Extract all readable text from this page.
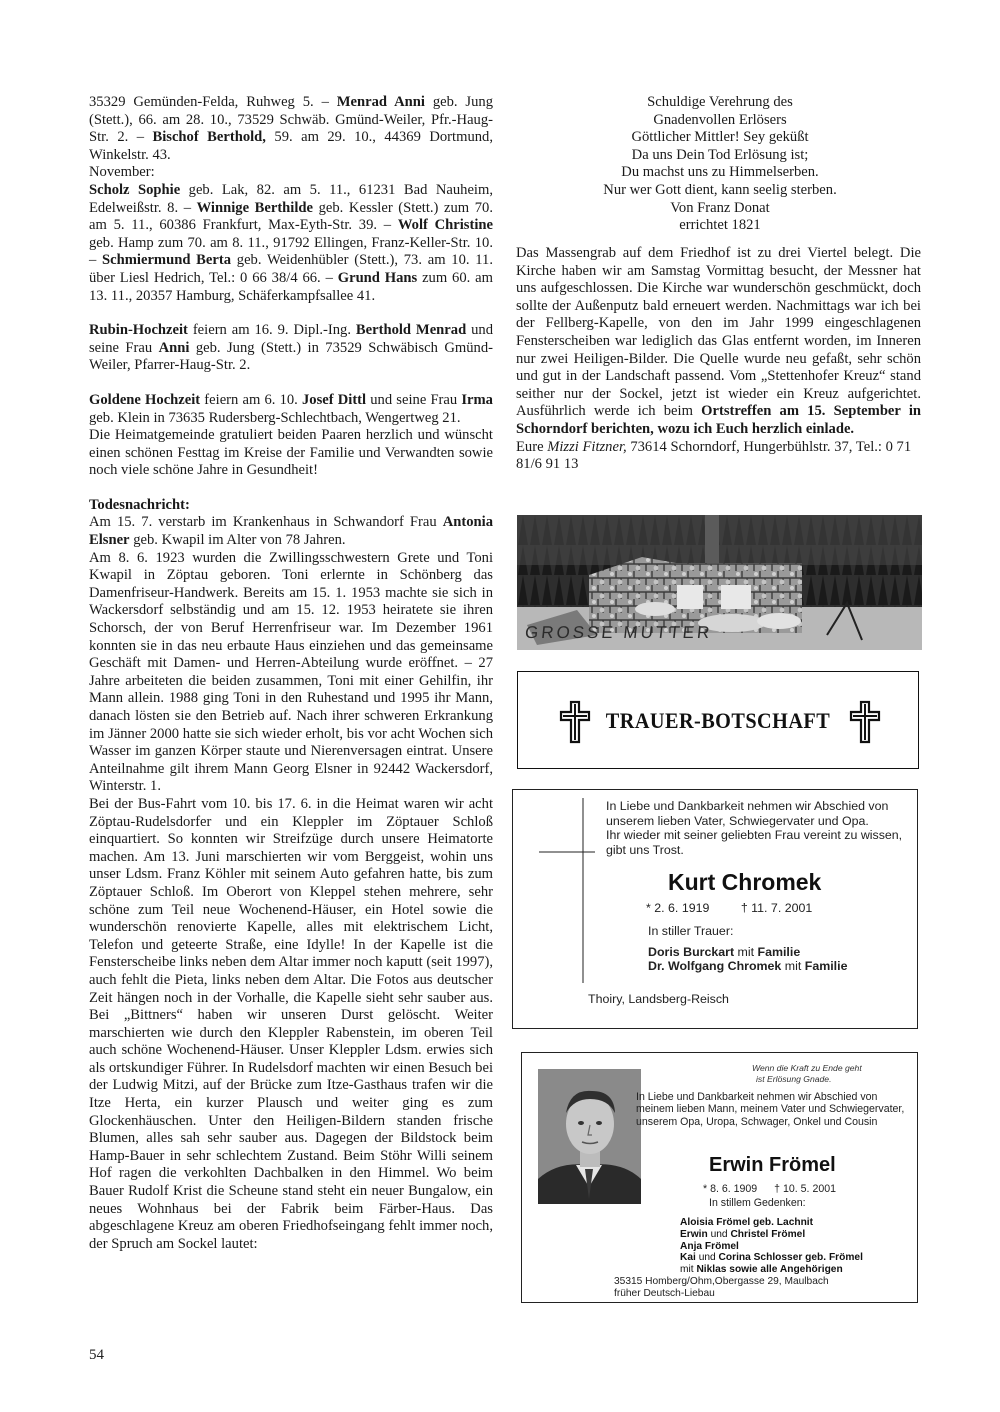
35329 Gemünden-Felda, Ruhweg 5. – Menrad Anni geb. Jung (Stett.), 66. am 28. 10., 73529 Schwäb. Gmünd-Weiler, Pfr.-Haug-Str. 2. – Bischof Berthold, 59. am 29. 10., 44369 Dortmund, Winkelstr. 43.

November:

Scholz Sophie geb. Lak, 82. am 5. 11., 61231 Bad Nauheim, Edelweißstr. 8. – Winnige Berthilde geb. Kessler (Stett.) zum 70. am 5. 11., 60386 Frankfurt, Max-Eyth-Str. 39. – Wolf Christine geb. Hamp zum 70. am 8. 11., 91792 Ellingen, Franz-Keller-Str. 10. – Schmiermund Berta geb. Weidenhübler (Stett.), 73. am 10. 11. über Liesl Hedrich, Tel.: 0 66 38/4 66. – Grund Hans zum 60. am 13. 11., 20357 Hamburg, Schäferkampfsallee 41.

Rubin-Hochzeit feiern am 16. 9. Dipl.-Ing. Berthold Menrad und seine Frau Anni geb. Jung (Stett.) in 73529 Schwäbisch Gmünd-Weiler, Pfarrer-Haug-Str. 2.

Goldene Hochzeit feiern am 6. 10. Josef Dittl und seine Frau Irma geb. Klein in 73635 Rudersberg-Schlechtbach, Wengertweg 21.

Die Heimatgemeinde gratuliert beiden Paaren herzlich und wünscht einen schönen Festtag im Kreise der Familie und Verwandten sowie noch viele schöne Jahre in Gesundheit!

Todesnachricht:

Am 15. 7. verstarb im Krankenhaus in Schwandorf Frau Antonia Elsner geb. Kwapil im Alter von 78 Jahren.

Am 8. 6. 1923 wurden die Zwillingsschwestern Grete und Toni Kwapil in Zöptau geboren. Toni erlernte in Schönberg das Damenfriseur-Handwerk. Bereits am 15. 1. 1953 machte sie sich in Wackersdorf selbständig und am 15. 12. 1953 heiratete sie ihren Schorsch, der von Beruf Herrenfriseur war. Im Dezember 1961 konnten sie in das neu erbaute Haus einziehen und das gemeinsame Geschäft mit Damen- und Herren-Abteilung wurde eröffnet. – 27 Jahre arbeiteten die beiden zusammen, Toni mit einer Gehilfin, ihr Mann allein. 1988 ging Toni in den Ruhestand und 1995 ihr Mann, danach lösten sie den Betrieb auf. Nach ihrer schweren Erkrankung im Jänner 2000 hatte sie sich wieder erholt, bis vor acht Wochen sich Wasser im ganzen Körper staute und Nierenversagen eintrat. Unsere Anteilnahme gilt ihrem Mann Georg Elsner in 92442 Wackersdorf, Winterstr. 1.

Bei der Bus-Fahrt vom 10. bis 17. 6. in die Heimat waren wir acht Zöptau-Rudelsdorfer und ein Kleppler im Zöptauer Schloß einquartiert. So konnten wir Streifzüge durch unsere Heimatorte machen. Am 13. Juni marschierten wir vom Berggeist, wohin uns unser Ldsm. Franz Köhler mit seinem Auto gefahren hatte, bis zum Zöptauer Schloß. Im Oberort von Kleppel stehen mehrere, sehr schöne zum Teil neue Wochenend-Häuser, ein Hotel sowie die wunderschön renovierte Kapelle, alles mit elektrischem Licht, Telefon und geteerte Straße, eine Idylle! In der Kapelle ist die Fensterscheibe links neben dem Altar immer noch kaputt (seit 1997), auch fehlt die Pieta, links neben dem Altar. Die Fotos aus deutscher Zeit hängen noch in der Vorhalle, die Kapelle sieht sehr sauber aus. Bei „Bittners“ haben wir unseren Durst gelöscht. Weiter marschierten wie durch den Kleppler Rabenstein, im oberen Teil auch schöne Wochenend-Häuser. Unser Kleppler Ldsm. erwies sich als ortskundiger Führer. In Rudelsdorf machten wir einen Besuch bei der Ludwig Mitzi, auf der Brücke zum Itze-Gasthaus trafen wir die Itze Herta, ein kurzer Plausch und weiter ging es zum Glockenhäuschen. Unter den Heiligen-Bildern standen frische Blumen, alles sah sehr sauber aus. Dagegen der Bildstock beim Hamp-Bauer in sehr schlechtem Zustand. Beim Stöhr Willi seinem Hof ragen die verkohlten Dachbalken in den Himmel. Wo beim Bauer Rudolf Krist die Scheune stand steht ein neuer Bungalow, ein neues Wohnhaus bei der Fabrik beim Färber-Haus. Das abgeschlagene Kreuz am oberen Friedhofseingang fehlt immer noch, der Spruch am Sockel lautet:

Schuldige Verehrung des
Gnadenvollen Erlösers
Göttlicher Mittler! Sey geküßt
Da uns Dein Tod Erlösung ist;
Du machst uns zu Himmelserben.
Nur wer Gott dient, kann seelig sterben.
Von Franz Donat
errichtet 1821

Das Massengrab auf dem Friedhof ist zu drei Viertel belegt. Die Kirche haben wir am Samstag Vormittag besucht, der Messner hat uns aufgeschlossen. Die Kirche war wunderschön geschmückt, doch sollte der Außenputz bald erneuert werden. Nachmittags war ich bei der Fellberg-Kapelle, von den im Jahr 1999 eingeschlagenen Fensterscheiben war lediglich das Glas entfernt worden, im Inneren nur zwei Heiligen-Bilder. Die Quelle wurde neu gefaßt, sehr schön und gut in der Landschaft passend. Vom „Stettenhofer Kreuz“ stand seither nur der Sockel, jetzt ist wieder ein Kreuz aufgerichtet. Ausführlich werde ich beim Ortstreffen am 15. September in Schorndorf berichten, wozu ich Euch herzlich einlade.

Eure Mizzi Fitzner, 73614 Schorndorf, Hungerbühlstr. 37, Tel.: 0 71 81/6 91 13

GROSSE MUTTER
TRAUER-BOTSCHAFT
In Liebe und Dankbarkeit nehmen wir Abschied von unserem lieben Vater, Schwiegervater und Opa.
Ihr wieder mit seiner geliebten Frau vereint zu wissen, gibt uns Trost.
Kurt Chromek
* 2. 6. 1919	† 11. 7. 2001
In stiller Trauer:
Doris Burckart mit Familie
Dr. Wolfgang Chromek mit Familie
Thoiry, Landsberg-Reisch
Wenn die Kraft zu Ende geht
ist Erlösung Gnade.
In Liebe und Dankbarkeit nehmen wir Abschied von meinem lieben Mann, meinem Vater und Schwiegervater, unserem Opa, Uropa, Schwager, Onkel und Cousin
Erwin Frömel
* 8. 6. 1909 † 10. 5. 2001
In stillem Gedenken:
Aloisia Frömel geb. Lachnit
Erwin und Christel Frömel
Anja Frömel
Kai und Corina Schlosser geb. Frömel
mit Niklas sowie alle Angehörigen
35315 Homberg/Ohm,Obergasse 29, Maulbach
früher Deutsch-Liebau
54
